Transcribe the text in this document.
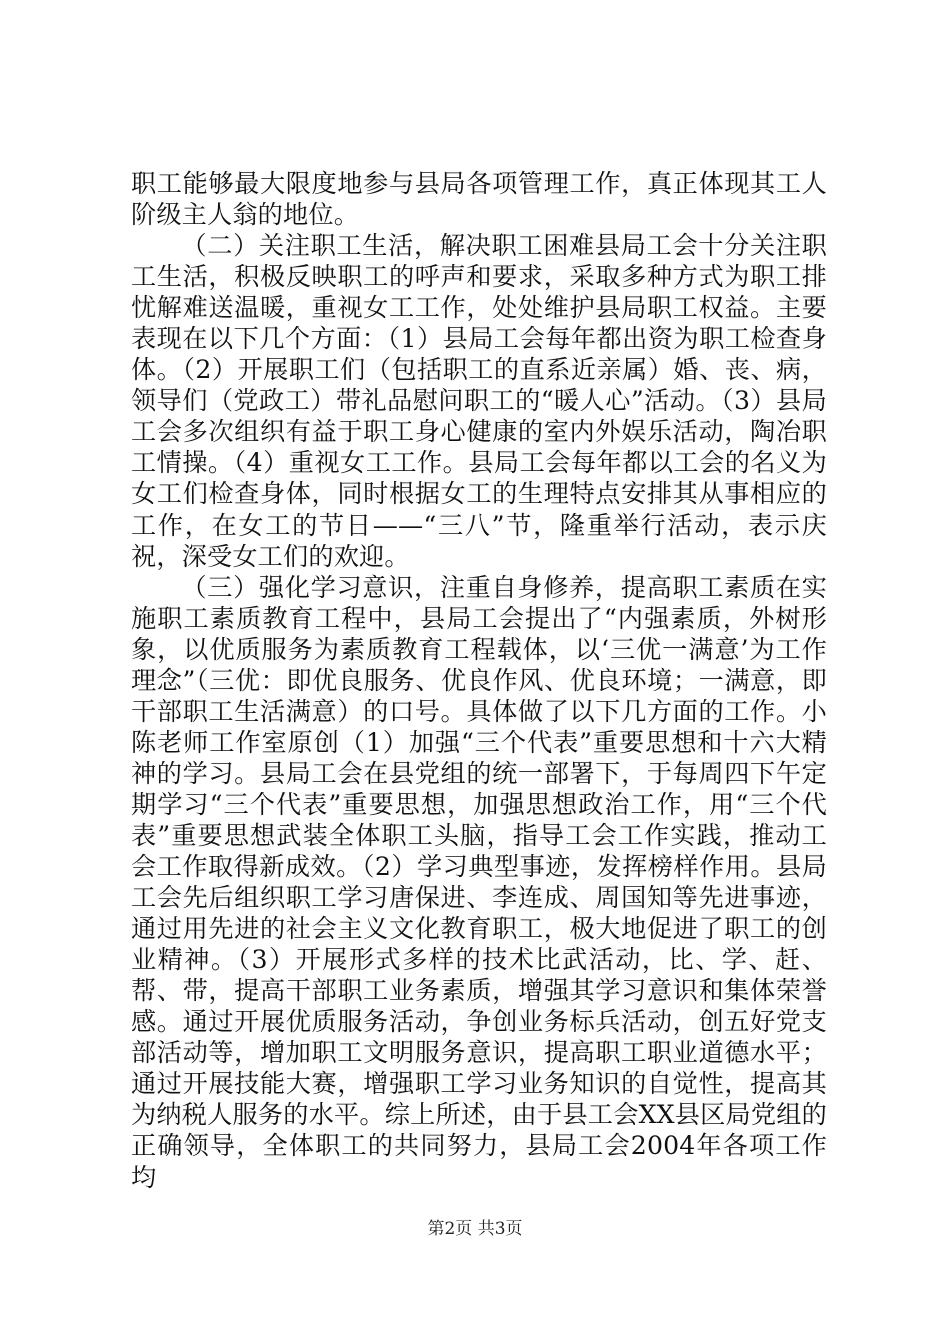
职工能够最大限度地参与县局各项管理工作，真正体现其工人阶级主人翁的地位。

（二）关注职工生活，解决职工困难县局工会十分关注职工生活，积极反映职工的呼声和要求，采取多种方式为职工排忧解难送温暖，重视女工工作，处处维护县局职工权益。主要表现在以下几个方面：（1）县局工会每年都出资为职工检查身体。（2）开展职工们（包括职工的直系近亲属）婚、丧、病，领导们（党政工）带礼品慰问职工的“暖人心”活动。（3）县局工会多次组织有益于职工身心健康的室内外娱乐活动，陶冶职工情操。（4）重视女工工作。县局工会每年都以工会的名义为女工们检查身体，同时根据女工的生理特点安排其从事相应的工作，在女工的节日——“三八”节，隆重举行活动，表示庆祝，深受女工们的欢迎。

（三）强化学习意识，注重自身修养，提高职工素质在实施职工素质教育工程中，县局工会提出了“内强素质，外树形象，以优质服务为素质教育工程载体，以‘三优一满意’为工作理念”（三优：即优良服务、优良作风、优良环境；一满意，即干部职工生活满意）的口号。具体做了以下几方面的工作。小陈老师工作室原创（1）加强“三个代表”重要思想和十六大精神的学习。县局工会在县党组的统一部署下，于每周四下午定期学习“三个代表”重要思想，加强思想政治工作，用“三个代表”重要思想武装全体职工头脑，指导工会工作实践，推动工会工作取得新成效。（2）学习典型事迹，发挥榜样作用。县局工会先后组织职工学习唐保进、李连成、周国知等先进事迹，通过用先进的社会主义文化教育职工，极大地促进了职工的创业精神。（3）开展形式多样的技术比武活动，比、学、赶、帮、带，提高干部职工业务素质，增强其学习意识和集体荣誉感。通过开展优质服务活动，争创业务标兵活动，创五好党支部活动等，增加职工文明服务意识，提高职工职业道德水平；通过开展技能大赛，增强职工学习业务知识的自觉性，提高其为纳税人服务的水平。综上所述，由于县工会XX县区局党组的正确领导，全体职工的共同努力，县局工会2004年各项工作均

第2页 共3页
